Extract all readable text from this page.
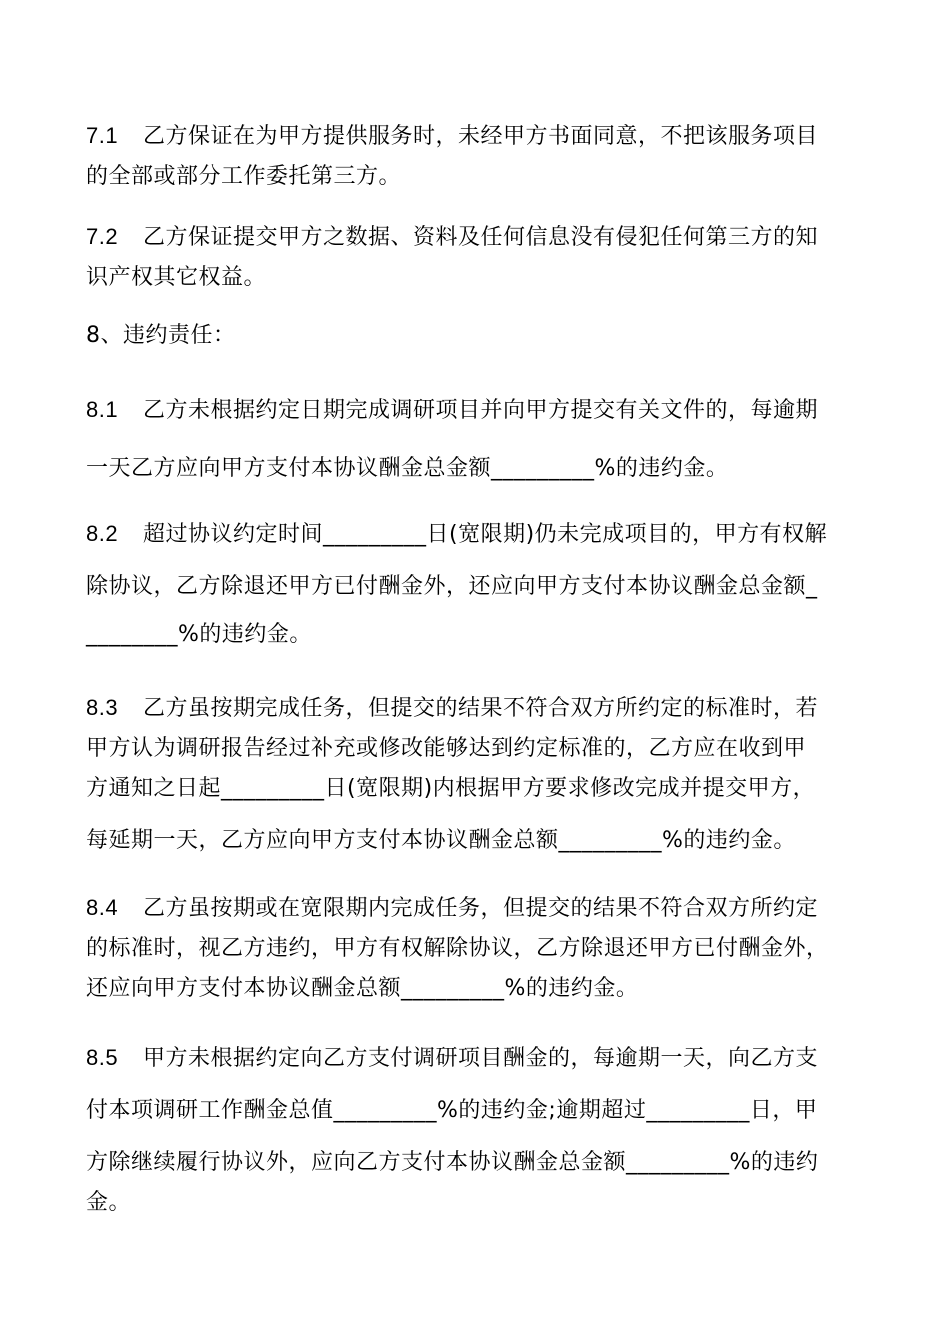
7.1 乙方保证在为甲方提供服务时，未经甲方书面同意，不把该服务项目
的全部或部分工作委托第三方。
7.2 乙方保证提交甲方之数据、资料及任何信息没有侵犯任何第三方的知
识产权其它权益。
8、违约责任：
8.1 乙方未根据约定日期完成调研项目并向甲方提交有关文件的，每逾期
一天乙方应向甲方支付本协议酬金总金额_________%的违约金。
8.2 超过协议约定时间_________日(宽限期)仍未完成项目的，甲方有权解
除协议，乙方除退还甲方已付酬金外，还应向甲方支付本协议酬金总金额_
________%的违约金。
8.3 乙方虽按期完成任务，但提交的结果不符合双方所约定的标准时，若
甲方认为调研报告经过补充或修改能够达到约定标准的，乙方应在收到甲
方通知之日起_________日(宽限期)内根据甲方要求修改完成并提交甲方，
每延期一天，乙方应向甲方支付本协议酬金总额_________%的违约金。
8.4 乙方虽按期或在宽限期内完成任务，但提交的结果不符合双方所约定
的标准时，视乙方违约，甲方有权解除协议，乙方除退还甲方已付酬金外，
还应向甲方支付本协议酬金总额_________%的违约金。
8.5 甲方未根据约定向乙方支付调研项目酬金的，每逾期一天，向乙方支
付本项调研工作酬金总值_________%的违约金;逾期超过_________日，甲
方除继续履行协议外，应向乙方支付本协议酬金总金额_________%的违约
金。
